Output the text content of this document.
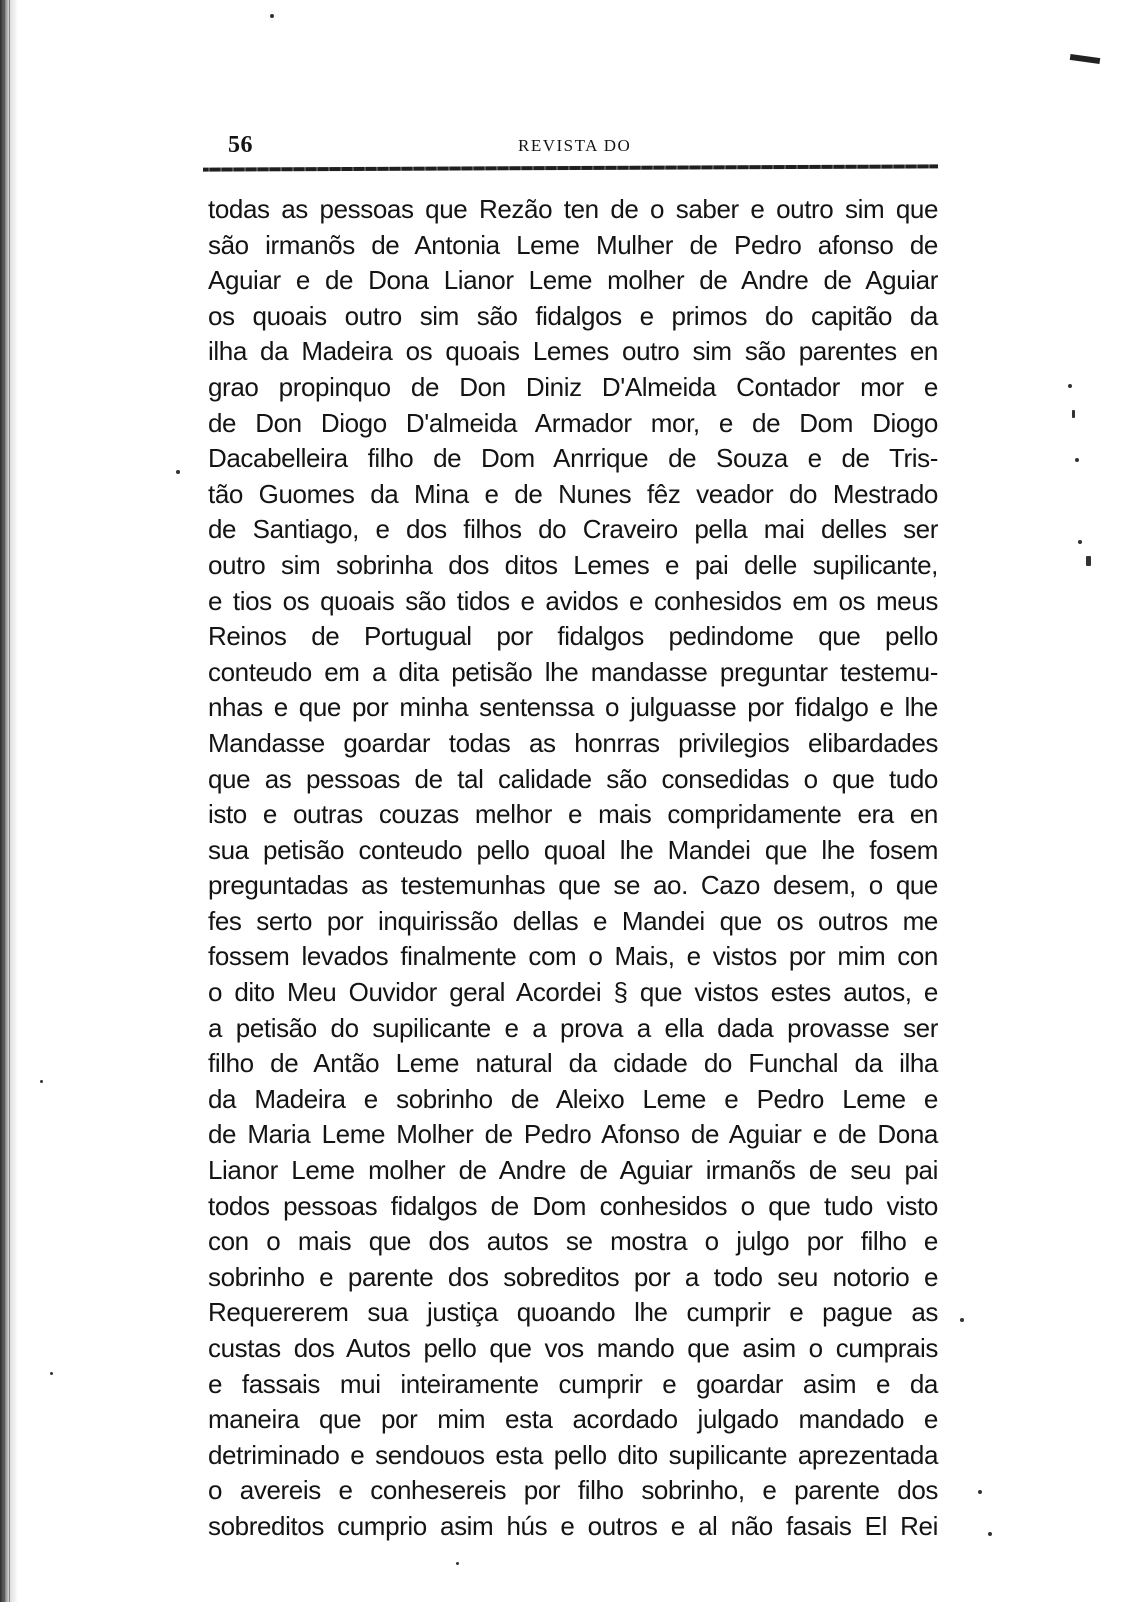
56	REVISTA DO
todas as pessoas que Rezão ten de o saber e outro sim que
são irmanõs de Antonia Leme Mulher de Pedro afonso de
Aguiar e de Dona Lianor Leme molher de Andre de Aguiar
os quoais outro sim são fidalgos e primos do capitão da
ilha da Madeira os quoais Lemes outro sim são parentes en
grao propinquo de Don Diniz D'Almeida Contador mor e
de Don Diogo D'almeida Armador mor, e de Dom Diogo
Dacabelleira filho de Dom Anrrique de Souza e de Tris-
tão Guomes da Mina e de Nunes fêz veador do Mestrado
de Santiago, e dos filhos do Craveiro pella mai delles ser
outro sim sobrinha dos ditos Lemes e pai delle supilicante,
e tios os quoais são tidos e avidos e conhesidos em os meus
Reinos de Portugual por fidalgos pedindome que pello
conteudo em a dita petisão lhe mandasse preguntar testemu-
nhas e que por minha sentenssa o julguasse por fidalgo e lhe
Mandasse goardar todas as honrras privilegios elibardades
que as pessoas de tal calidade são consedidas o que tudo
isto e outras couzas melhor e mais compridamente era en
sua petisão conteudo pello quoal lhe Mandei que lhe fosem
preguntadas as testemunhas que se ao. Cazo desem, o que
fes serto por inquirissão dellas e Mandei que os outros me
fossem levados finalmente com o Mais, e vistos por mim con
o dito Meu Ouvidor geral Acordei § que vistos estes autos, e
a petisão do supilicante e a prova a ella dada provasse ser
filho de Antão Leme natural da cidade do Funchal da ilha
da Madeira e sobrinho de Aleixo Leme e Pedro Leme e
de Maria Leme Molher de Pedro Afonso de Aguiar e de Dona
Lianor Leme molher de Andre de Aguiar irmanõs de seu pai
todos pessoas fidalgos de Dom conhesidos o que tudo visto
con o mais que dos autos se mostra o julgo por filho e
sobrinho e parente dos sobreditos por a todo seu notorio e
Requererem sua justiça quoando lhe cumprir e pague as
custas dos Autos pello que vos mando que asim o cumprais
e fassais mui inteiramente cumprir e goardar asim e da
maneira que por mim esta acordado julgado mandado e
detriminado e sendouos esta pello dito supilicante aprezentada
o avereis e conhesereis por filho sobrinho, e parente dos
sobreditos cumprio asim hús e outros e al não fasais El Rei
